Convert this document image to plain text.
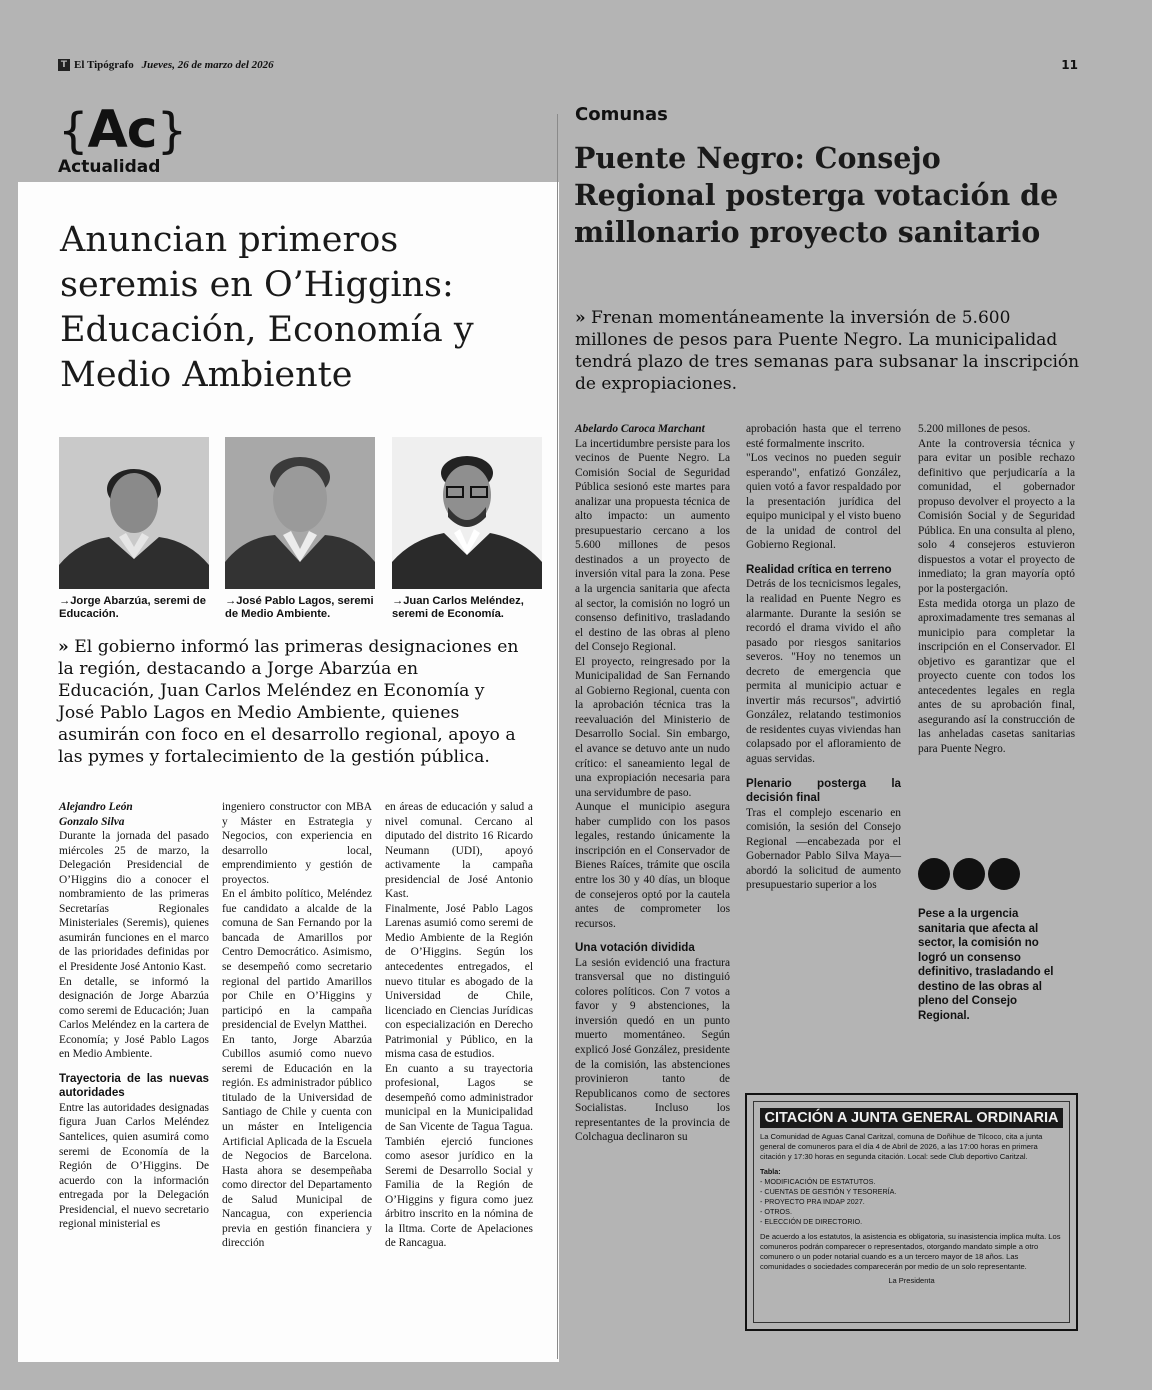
T El Tipógrafo Jueves, 26 de marzo del 2026	11
{Ac}
Actualidad
Anuncian primeros seremis en O’Higgins: Educación, Economía y Medio Ambiente
→Jorge Abarzúa, seremi de Educación.
→José Pablo Lagos, seremi de Medio Ambiente.
→Juan Carlos Meléndez, seremi de Economía.
» El gobierno informó las primeras designaciones en la región, destacando a Jorge Abarzúa en Educación, Juan Carlos Meléndez en Economía y José Pablo Lagos en Medio Ambiente, quienes asumirán con foco en el desarrollo regional, apoyo a las pymes y fortalecimiento de la gestión pública.

Alejandro León

Gonzalo Silva

Durante la jornada del pasado miércoles 25 de marzo, la Delegación Presidencial de O’Higgins dio a conocer el nombramiento de las primeras Secretarías Regionales Ministeriales (Seremis), quienes asumirán funciones en el marco de las prioridades definidas por el Presidente José Antonio Kast.

En detalle, se informó la designación de Jorge Abarzúa como seremi de Educación; Juan Carlos Meléndez en la cartera de Economía; y José Pablo Lagos en Medio Ambiente.

Trayectoria de las nuevas autoridades

Entre las autoridades designadas figura Juan Carlos Meléndez Santelices, quien asumirá como seremi de Economía de la Región de O’Higgins. De acuerdo con la información entregada por la Delegación Presidencial, el nuevo secretario regional ministerial es

ingeniero constructor con MBA y Máster en Estrategia y Negocios, con experiencia en desarrollo local, emprendimiento y gestión de proyectos.

En el ámbito político, Meléndez fue candidato a alcalde de la comuna de San Fernando por la bancada de Amarillos por Centro Democrático. Asimismo, se desempeñó como secretario regional del partido Amarillos por Chile en O’Higgins y participó en la campaña presidencial de Evelyn Matthei.

En tanto, Jorge Abarzúa Cubillos asumió como nuevo seremi de Educación en la región. Es administrador público titulado de la Universidad de Santiago de Chile y cuenta con un máster en Inteligencia Artificial Aplicada de la Escuela de Negocios de Barcelona. Hasta ahora se desempeñaba como director del Departamento de Salud Municipal de Nancagua, con experiencia previa en gestión financiera y dirección

en áreas de educación y salud a nivel comunal. Cercano al diputado del distrito 16 Ricardo Neumann (UDI), apoyó activamente la campaña presidencial de José Antonio Kast.

Finalmente, José Pablo Lagos Larenas asumió como seremi de Medio Ambiente de la Región de O’Higgins. Según los antecedentes entregados, el nuevo titular es abogado de la Universidad de Chile, licenciado en Ciencias Jurídicas con especialización en Derecho Patrimonial y Público, en la misma casa de estudios.

En cuanto a su trayectoria profesional, Lagos se desempeñó como administrador municipal en la Municipalidad de San Vicente de Tagua Tagua. También ejerció funciones como asesor jurídico en la Seremi de Desarrollo Social y Familia de la Región de O’Higgins y figura como juez árbitro inscrito en la nómina de la Iltma. Corte de Apelaciones de Rancagua.

Comunas
Puente Negro: Consejo Regional posterga votación de millonario proyecto sanitario
» Frenan momentáneamente la inversión de 5.600 millones de pesos para Puente Negro. La municipalidad tendrá plazo de tres semanas para subsanar la inscripción de expropiaciones.

Abelardo Caroca Marchant

La incertidumbre persiste para los vecinos de Puente Negro. La Comisión Social de Seguridad Pública sesionó este martes para analizar una propuesta técnica de alto impacto: un aumento presupuestario cercano a los 5.600 millones de pesos destinados a un proyecto de inversión vital para la zona. Pese a la urgencia sanitaria que afecta al sector, la comisión no logró un consenso definitivo, trasladando el destino de las obras al pleno del Consejo Regional.

El proyecto, reingresado por la Municipalidad de San Fernando al Gobierno Regional, cuenta con la aprobación técnica tras la reevaluación del Ministerio de Desarrollo Social. Sin embargo, el avance se detuvo ante un nudo crítico: el saneamiento legal de una expropiación necesaria para una servidumbre de paso.

Aunque el municipio asegura haber cumplido con los pasos legales, restando únicamente la inscripción en el Conservador de Bienes Raíces, trámite que oscila entre los 30 y 40 días, un bloque de consejeros optó por la cautela antes de comprometer los recursos.

Una votación dividida

La sesión evidenció una fractura transversal que no distinguió colores políticos. Con 7 votos a favor y 9 abstenciones, la inversión quedó en un punto muerto momentáneo. Según explicó José González, presidente de la comisión, las abstenciones provinieron tanto de Republicanos como de sectores Socialistas. Incluso los representantes de la provincia de Colchagua declinaron su

aprobación hasta que el terreno esté formalmente inscrito.

"Los vecinos no pueden seguir esperando", enfatizó González, quien votó a favor respaldado por la presentación jurídica del equipo municipal y el visto bueno de la unidad de control del Gobierno Regional.

Realidad crítica en terreno

Detrás de los tecnicismos legales, la realidad en Puente Negro es alarmante. Durante la sesión se recordó el drama vivido el año pasado por riesgos sanitarios severos. "Hoy no tenemos un decreto de emergencia que permita al municipio actuar e invertir más recursos", advirtió González, relatando testimonios de residentes cuyas viviendas han colapsado por el afloramiento de aguas servidas.

Plenario posterga la decisión final

Tras el complejo escenario en comisión, la sesión del Consejo Regional —encabezada por el Gobernador Pablo Silva Maya— abordó la solicitud de aumento presupuestario superior a los

5.200 millones de pesos.

Ante la controversia técnica y para evitar un posible rechazo definitivo que perjudicaría a la comunidad, el gobernador propuso devolver el proyecto a la Comisión Social y de Seguridad Pública. En una consulta al pleno, solo 4 consejeros estuvieron dispuestos a votar el proyecto de inmediato; la gran mayoría optó por la postergación.

Esta medida otorga un plazo de aproximadamente tres semanas al municipio para completar la inscripción en el Conservador. El objetivo es garantizar que el proyecto cuente con todos los antecedentes legales en regla antes de su aprobación final, asegurando así la construcción de las anheladas casetas sanitarias para Puente Negro.

Pese a la urgencia sanitaria que afecta al sector, la comisión no logró un consenso definitivo, trasladando el destino de las obras al pleno del Consejo Regional.
CITACIÓN A JUNTA GENERAL ORDINARIA

La Comunidad de Aguas Canal Caritzal, comuna de Doñihue de Tilcoco, cita a junta general de comuneros para el día 4 de Abril de 2026, a las 17:00 horas en primera citación y 17:30 horas en segunda citación. Local: sede Club deportivo Caritzal.

Tabla:
- MODIFICACIÓN DE ESTATUTOS.
- CUENTAS DE GESTIÓN Y TESORERÍA.
- PROYECTO PRA INDAP 2027.
- OTROS.
- ELECCIÓN DE DIRECTORIO.

De acuerdo a los estatutos, la asistencia es obligatoria, su inasistencia implica multa. Los comuneros podrán comparecer o representados, otorgando mandato simple a otro comunero o un poder notarial cuando es a un tercero mayor de 18 años. Las comunidades o sociedades comparecerán por medio de un solo representante.

La Presidenta
